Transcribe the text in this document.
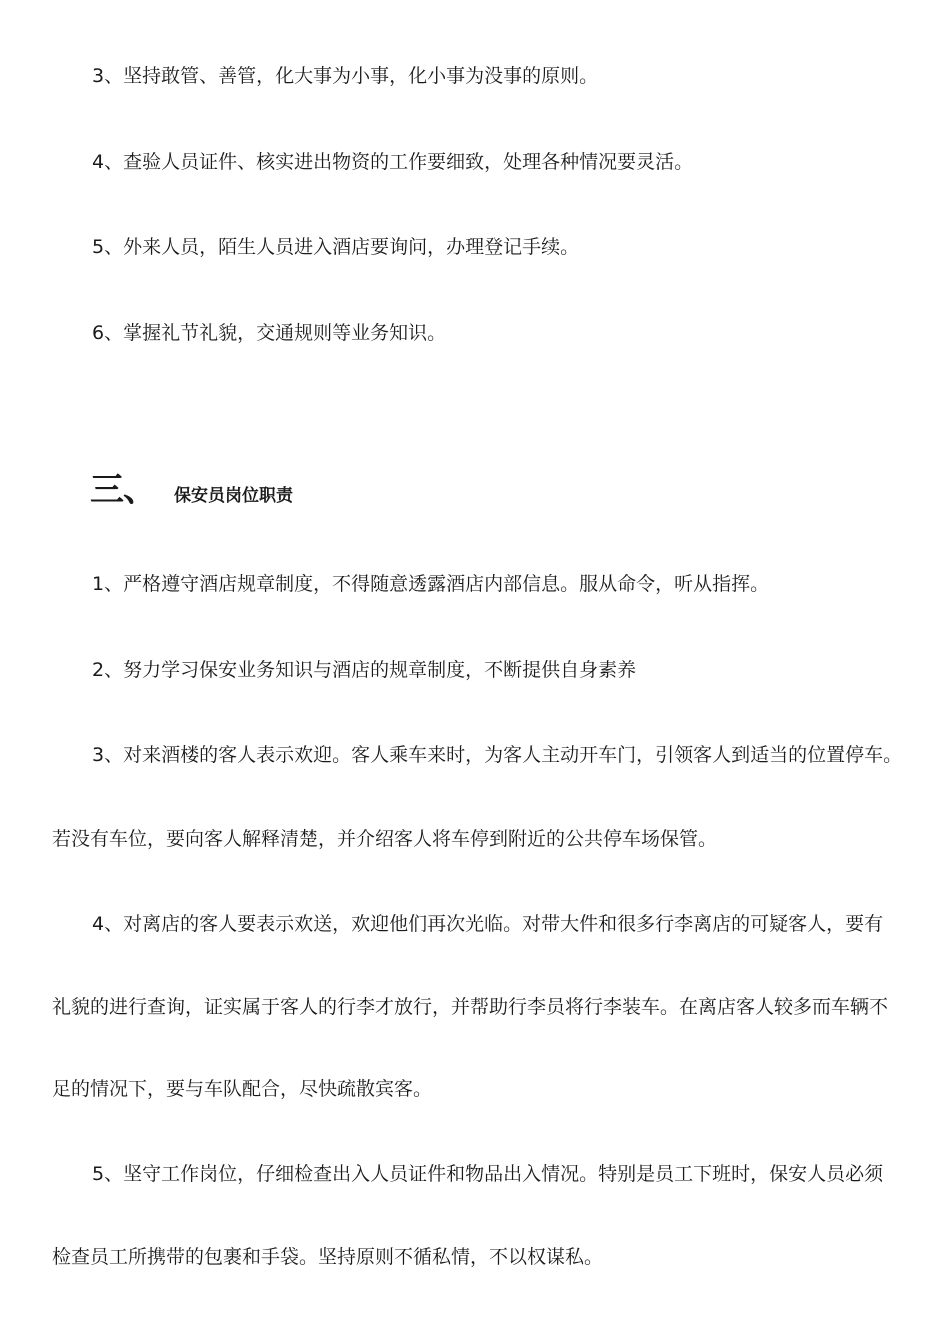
3、坚持敢管、善管，化大事为小事，化小事为没事的原则。

4、查验人员证件、核实进出物资的工作要细致，处理各种情况要灵活。

5、外来人员，陌生人员进入酒店要询问，办理登记手续。

6、掌握礼节礼貌，交通规则等业务知识。

三、 保安员岗位职责

1、严格遵守酒店规章制度，不得随意透露酒店内部信息。服从命令，听从指挥。

2、努力学习保安业务知识与酒店的规章制度，不断提供自身素养

3、对来酒楼的客人表示欢迎。客人乘车来时，为客人主动开车门，引领客人到适当的位置停车。

若没有车位，要向客人解释清楚，并介绍客人将车停到附近的公共停车场保管。

4、对离店的客人要表示欢送，欢迎他们再次光临。对带大件和很多行李离店的可疑客人，要有

礼貌的进行查询，证实属于客人的行李才放行，并帮助行李员将行李装车。在离店客人较多而车辆不

足的情况下，要与车队配合，尽快疏散宾客。

5、坚守工作岗位，仔细检查出入人员证件和物品出入情况。特别是员工下班时，保安人员必须

检查员工所携带的包裹和手袋。坚持原则不循私情，不以权谋私。
